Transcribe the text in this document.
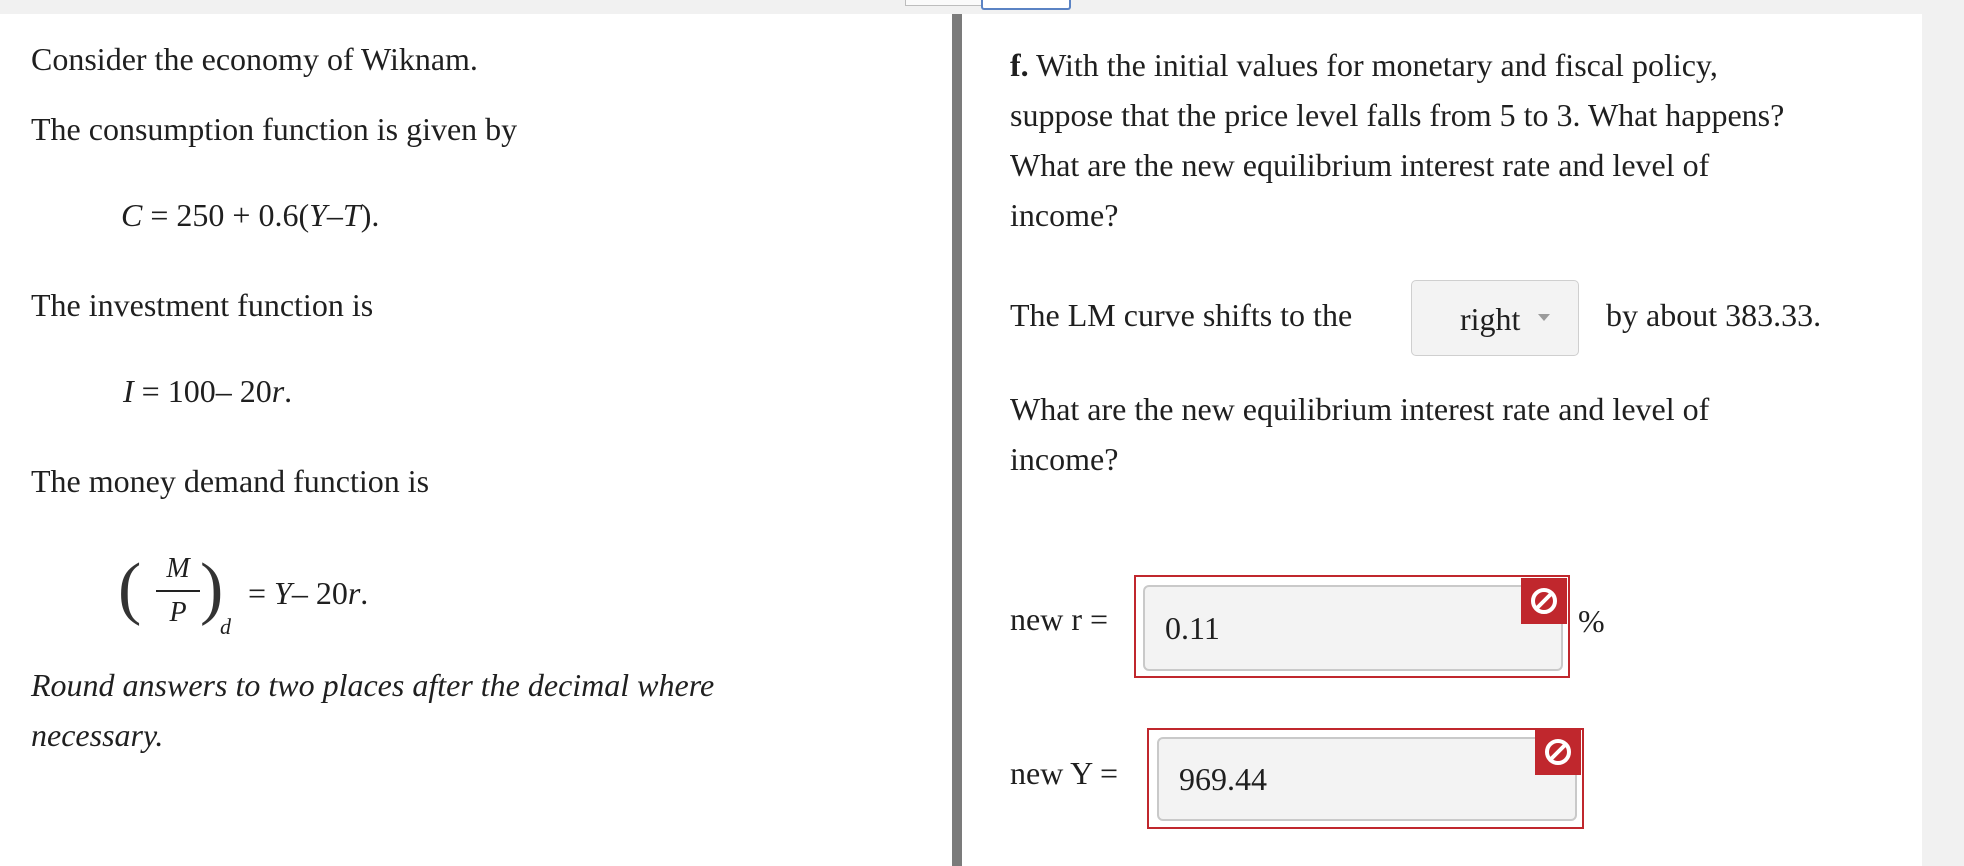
Consider the economy of Wiknam.
The consumption function is given by
C = 250 + 0.6(Y–T).
The investment function is
I = 100– 20r.
The money demand function is
( M
P )
d
= Y– 20r.
Round answers to two places after the decimal where
necessary.
f. With the initial values for monetary and fiscal policy,
suppose that the price level falls from 5 to 3. What happens?
What are the new equilibrium interest rate and level of
income?
The LM curve shifts to the	by about 383.33.
What are the new equilibrium interest rate and level of
income?
new r =	%
new Y =
right
0.11
969.44
